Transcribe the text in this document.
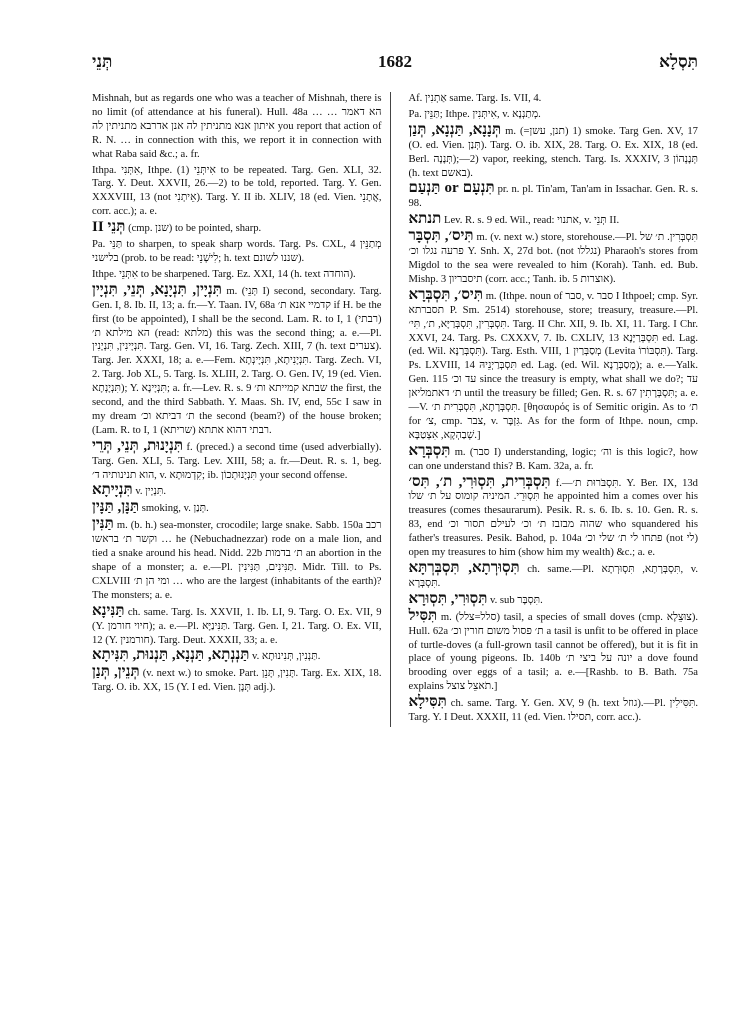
תְּנֵי	1682	תִּסְלָא

Mishnah, but as regards one who was a teacher of Mishnah, there is no limit (of attendance at his funeral). Hull. 48a … הא דאמר … איתון אנא מתניתין לה אנן אדרבא מתניתין לה you report that action of R. N. … in connection with this, we report it in connection with what Raba said &c.; a. fr.

Ithpa. אִתְּנִי, Ithpe. אִיתְּנֵי (1) to be repeated. Targ. Gen. XLI, 32. Targ. Y. Deut. XXVII, 26.—2) to be told, reported. Targ. Y. Gen. XXXVIII, 13 (not אֵיתְנִי). Targ. Y. II ib. XLIV, 18 (ed. Vien. אֲתָנֵי, corr. acc.); a. e.

תְּנֵי II (cmp. שנן) to be pointed, sharp.

Pa. תַּנֵּי to sharpen, to speak sharp words. Targ. Ps. CXL, 4 מְתַנֵּין בלישני (prob. to be read: לִישְׁנֵי; h. text שננו לשונם).

Ithpe. אִתְּנֵי to be sharpened. Targ. Ez. XXI, 14 (h. text הוחדה).

תִּנְיָין, תִּנְיָנָא, תְּנֵי, תִּנְיָין m. (תְּנֵי I) second, secondary. Targ. Gen. I, 8. Ib. II, 13; a. fr.—Y. Taan. IV, 68a קדמיי אנא ת׳ if H. be the first (to be appointed), I shall be the second. Lam. R. to I, 1 (רבתי) הא מילתא ת׳ (read: מלתא) this was the second thing; a. e.—Pl. תִּנְיָינִין, תִּנְיָנִין. Targ. Gen. VI, 16. Targ. Zech. XIII, 7 (h. text צערים). Targ. Jer. XXXI, 18; a. e.—Fem. תִּנְיָנִיתָא, תִּנְיָינְתָא. Targ. Zech. VI, 2. Targ. Job XL, 5. Targ. Is. XLIII, 2. Targ. O. Gen. IV, 19 (ed. Vien. תִּנְיָנְתָא); Y. תִּנְיָינָא; a. fr.—Lev. R. s. 9 שבתא קמייתא ות׳ the first, the second, and the third Sabbath. Y. Maas. Sh. IV, end, 55c I saw in my dream ת׳ דביתא וכ׳ the second (beam?) of the house broken; (Lam. R. to I, 1 רבתי דהוא אתתא (שריתא).

תִּנְיָנוּת, תְּנֵי, תְּרֵי f. (preced.) a second time (used adverbially). Targ. Gen. XLI, 5. Targ. Lev. XIII, 58; a. fr.—Deut. R. s. 1, beg. הוא תנינותיה ד׳, v. קִדְמוּתָא; ib. תִּנְיָנוּתְכוֹן your second offense.

תִּנְיָיתָא v. תִּנְיָין.

תַּנָּן, תַּנָּין smoking, v. תְּנַן.

תַּנִּין m. (b. h.) sea-monster, crocodile; large snake. Sabb. 150a רכב … וקשר ת׳ בראשו he (Nebuchadnezzar) rode on a male lion, and tied a snake around his head. Nidd. 22b ת׳ בדמות an abortion in the shape of a monster; a. e.—Pl. תַּנִּינִים, תַּנִּינִין. Midr. Till. to Ps. CXLVIII ומי הן ת׳ … who are the largest (inhabitants of the earth)? The monsters; a. e.

תַּנִּינָא ch. same. Targ. Is. XXVII, 1. Ib. LI, 9. Targ. O. Ex. VII, 9 (Y. חיוי חורמן); a. e.—Pl. תַּנִּינַיָּא. Targ. Gen. I, 21. Targ. O. Ex. VII, 12 (Y. חורמנין). Targ. Deut. XXXII, 33; a. e.

תַּנְנְתָא, תַּנְנָא, תַּנְנוּת, תִּנִּיתָא v. תַּנְנִין, תְּנִינוּתָא.

תְּנֵין, תְּנַן (v. next w.) to smoke. Part. תָּנִין, תָּנֵן. Targ. Ex. XIX, 18. Targ. O. ib. XX, 15 (Y. I ed. Vien. תְּנָן adj.).

Af. אַתְנִין same. Targ. Is. VII, 4.

Pa. תַּנֵּין; Ithpe. אִיתְּנִין, v. מְתַנְנָא.

תְּנָנָא, תַּנְנָא, תְּנַן m. (=תנן, עשן) 1) smoke. Targ Gen. XV, 17 (O. ed. Vien. תְּנַן). Targ. O. ib. XIX, 28. Targ. O. Ex. XIX, 18 (ed. Berl. תְּנָנָה);—2) vapor, reeking, stench. Targ. Is. XXXIV, 3 תְּנָנְהוֹן (h. text באשם).

תִּנְעָם or תַּנְעַם pr. n. pl. Tin'am, Tan'am in Issachar. Gen. R. s. 98.

תנתא Lev. R. s. 9 ed. Wil., read: אתנוי, v. תְּנֵי II.

תִּיס׳, תִּסְבָּר m. (v. next w.) store, storehouse.—Pl. תִּסְבְּרִין. ת׳ של פרעה נגלו וכ׳ Y. Snh. X, 27d bot. (not נגללו) Pharaoh's stores from Migdol to the sea were revealed to him (Korah). Tanh. ed. Bub. Mishp. 3 תיסבריון (corr. acc.; Tanh. ib. 5 אוצרות).

תִּיס׳, תִּסְבְּרָא m. (Ithpe. noun of סבר, v. סבר I Ithpoel; cmp. Syr. תסברתא P. Sm. 2514) storehouse, store; treasury, treasure.—Pl. תִּסְבְּרִין, תִּסְבְּרַיָּא, ת׳, תִּי׳. Targ. II Chr. XII, 9. Ib. XI, 11. Targ. I Chr. XXVI, 24. Targ. Ps. CXXXV, 7. Ib. CXLIV, 13 תִּסְבְּרַיָּנָא ed. Lag. (ed. Wil. תִּסְבְּרַנָּא). Targ. Esth. VIII, 1 מְסַבְּרַיִן (Levita תִּסְבּוֹרוֹ). Targ. Ps. LXVIII, 14 תִּסְבְּרַיְנֵיהּ ed. Lag. (ed. Wil. מְסַבְּרָנָא); a. e.—Yalk. Gen. 115 עד וכ׳ since the treasury is empty, what shall we do?; עד ת׳ דאתמליאן until the treasury be filled; Gen. R. s. 67 תִּסְבְּרָתִין; a. e.—V. תִּסְבְּרָתָא, תִּסְבְּרִית ת׳. [θησαυρός is of Semitic origin. As to ת׳ for צ׳, cmp. צבר, v. גִּזְבָּר. As for the form of Ithpe. noun, cmp. שְׁבַהְקָא, אִצְטַבָּא.]

תִּסְבְּרָא m. (סבר I) understanding, logic; וה׳ is this logic?, how can one understand this? B. Kam. 32a, a. fr.

תִּסְבְּרִית, תִּסְוּרִי, ת׳, תִּס׳ f.—תִּסְבֹּרוּת ת׳. Y. Ber. IX, 13d תִּסְוּרֵי. המיניה קומוס על ת׳ שלו he appointed him a comes over his treasures (comes thesaurarum). Pesik. R. s. 6. Ib. s. 10. Gen. R. s. 83, end שהוה מבזבז ת׳ וכ׳ לעילם תסור וכ׳ who squandered his father's treasures. Pesik. Bahod, p. 104a פתחו לי ת׳ שלי וכ׳ (not לי) open my treasures to him (show him my wealth) &c.; a. e.

תִּסְוּרְתָא, תִּסְבְּרְתָּא ch. same.—Pl. תִּסְבְּרָתָא, תִּסְוּרְתָא, v. תִּסְבְּרָא.

תִּסְוּרִי, תִּסְוּרָא v. sub תִּסְבָּר.

תִּסִּיל m. (סלל=צלל) tasil, a species of small doves (cmp. צוּצֵלָא). Hull. 62a ת׳ פסול משום חורין וכ׳ a tasil is unfit to be offered in place of turtle-doves (a full-grown tasil cannot be offered), but it is fit in place of young pigeons. Ib. 140b יונה על ביצי ת׳ a dove found brooding over eggs of a tasil; a. e.—[Rashb. to B. Bath. 75a explains תֹאצֵל צוצל.]

תִּסִּילָא ch. same. Targ. Y. Gen. XV, 9 (h. text גוזל).—Pl. תִּסִּילִין. Targ. Y. I Deut. XXXII, 11 (ed. Vien. תסילו, corr. acc.).
